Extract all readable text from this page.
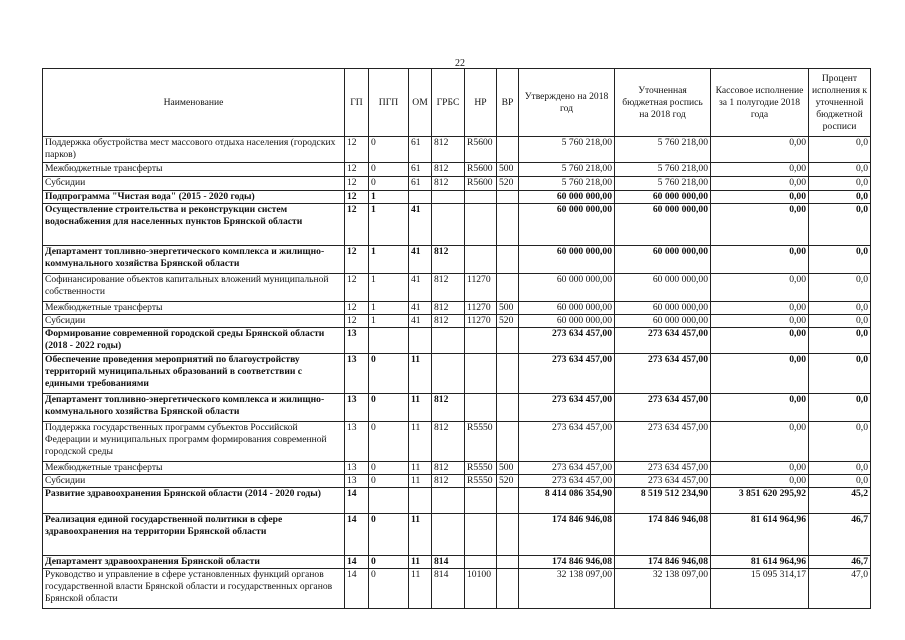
22
Наименование	ГП	ПГП	ОМ	ГРБС	НР	ВР	Утверждено на 2018 год	Уточненная бюджетная роспись на 2018 год	Кассовое исполнение за 1 полугодие 2018 года	Процент исполнения к уточненной бюджетной росписи
Поддержка обустройства мест массового отдыха населения (городских парков)	12	0	61	812	R5600		5 760 218,00	5 760 218,00	0,00	0,0
Межбюджетные трансферты	12	0	61	812	R5600	500	5 760 218,00	5 760 218,00	0,00	0,0
Субсидии	12	0	61	812	R5600	520	5 760 218,00	5 760 218,00	0,00	0,0
Подпрограмма "Чистая вода" (2015 - 2020 годы)	12	1					60 000 000,00	60 000 000,00	0,00	0,0
Осуществление строительства и реконструкции систем водоснабжения для населенных пунктов Брянской области	12	1	41				60 000 000,00	60 000 000,00	0,00	0,0
Департамент топливно-энергетического комплекса и жилищно-коммунального хозяйства Брянской области	12	1	41	812			60 000 000,00	60 000 000,00	0,00	0,0
Софинансирование объектов капитальных вложений муниципальной собственности	12	1	41	812	11270		60 000 000,00	60 000 000,00	0,00	0,0
Межбюджетные трансферты	12	1	41	812	11270	500	60 000 000,00	60 000 000,00	0,00	0,0
Субсидии	12	1	41	812	11270	520	60 000 000,00	60 000 000,00	0,00	0,0
Формирование современной городской среды Брянской области (2018 - 2022 годы)	13						273 634 457,00	273 634 457,00	0,00	0,0
Обеспечение проведения мероприятий по благоустройству территорий муниципальных образований в соответствии с едиными требованиями	13	0	11				273 634 457,00	273 634 457,00	0,00	0,0
Департамент топливно-энергетического комплекса и жилищно-коммунального хозяйства Брянской области	13	0	11	812			273 634 457,00	273 634 457,00	0,00	0,0
Поддержка государственных программ субъектов Российской Федерации и муниципальных программ формирования современной городской среды	13	0	11	812	R5550		273 634 457,00	273 634 457,00	0,00	0,0
Межбюджетные трансферты	13	0	11	812	R5550	500	273 634 457,00	273 634 457,00	0,00	0,0
Субсидии	13	0	11	812	R5550	520	273 634 457,00	273 634 457,00	0,00	0,0
Развитие здравоохранения Брянской области (2014 - 2020 годы)	14						8 414 086 354,90	8 519 512 234,90	3 851 620 295,92	45,2
Реализация единой государственной политики в сфере здравоохранения на территории Брянской области	14	0	11				174 846 946,08	174 846 946,08	81 614 964,96	46,7
Департамент здравоохранения Брянской области	14	0	11	814			174 846 946,08	174 846 946,08	81 614 964,96	46,7
Руководство и управление в сфере установленных функций органов государственной власти Брянской области и государственных органов Брянской области	14	0	11	814	10100		32 138 097,00	32 138 097,00	15 095 314,17	47,0
